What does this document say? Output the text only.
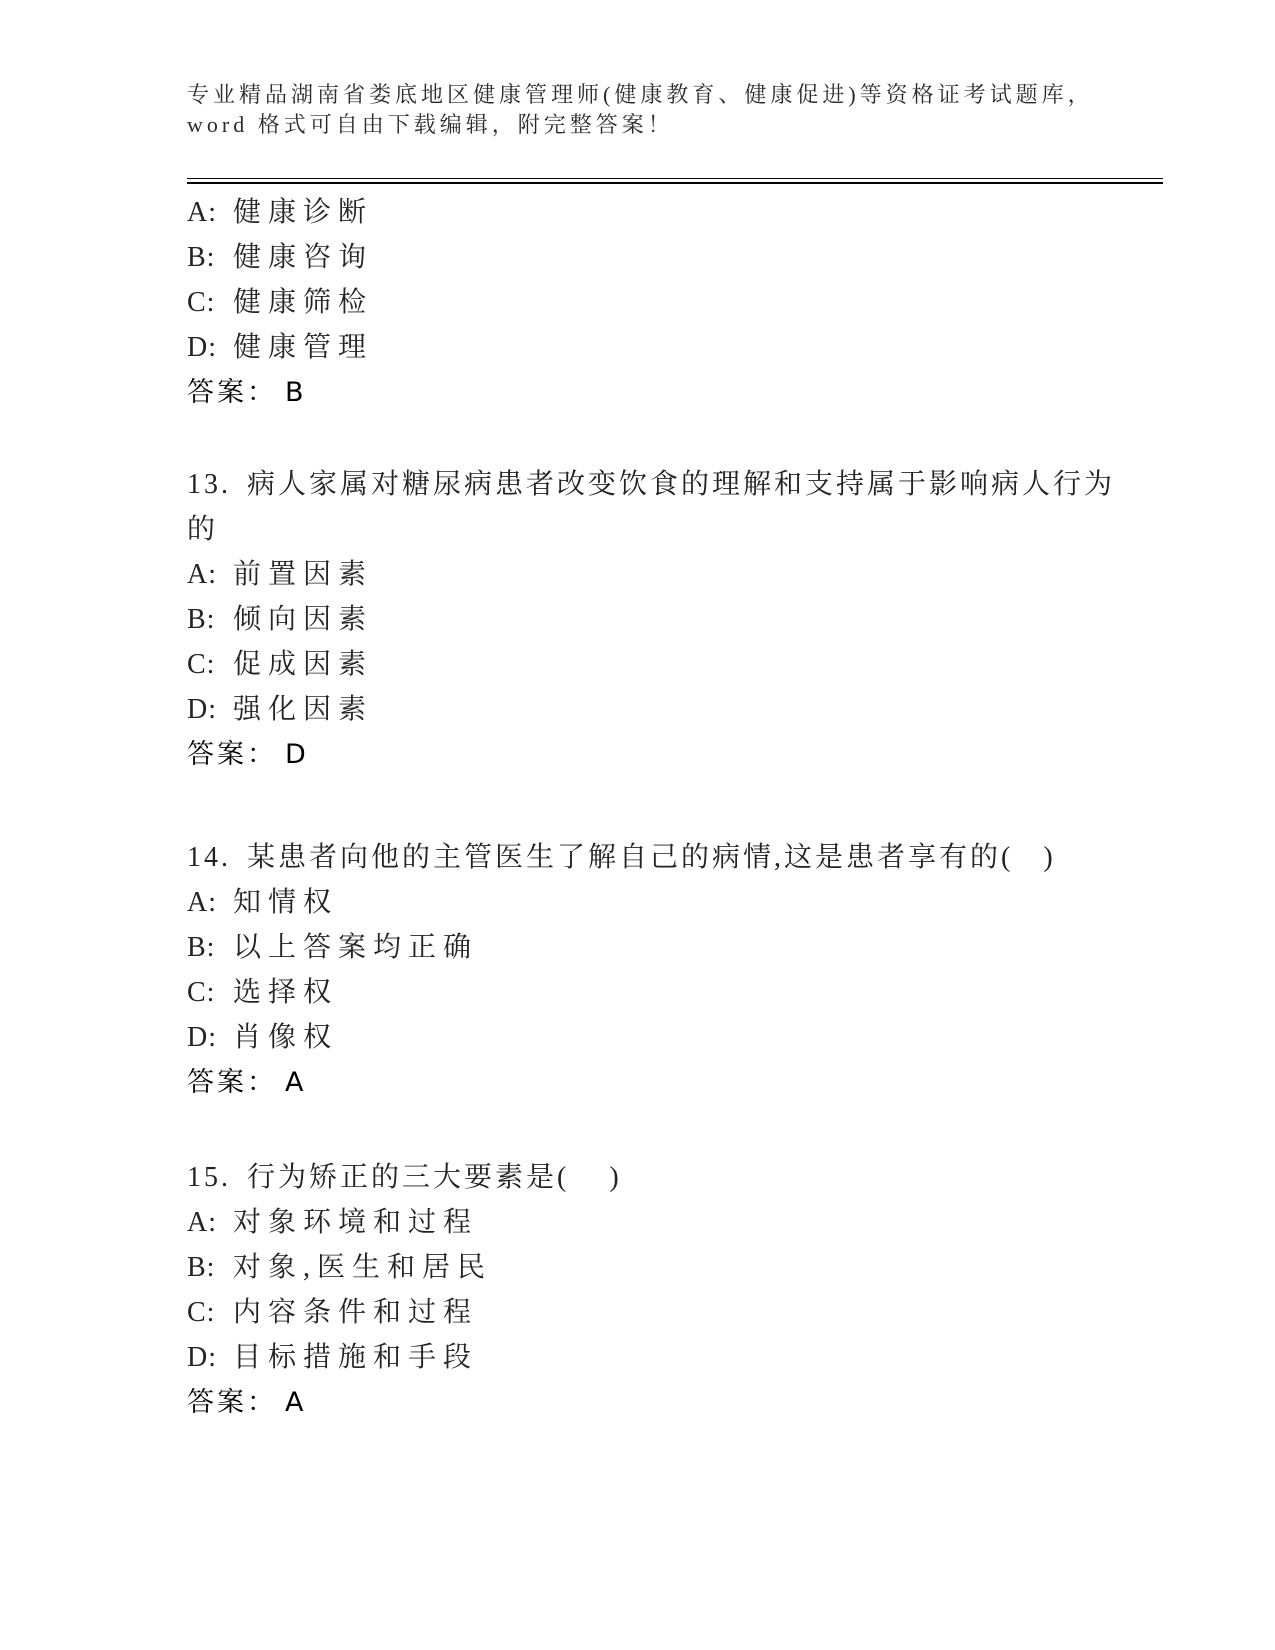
专业精品湖南省娄底地区健康管理师(健康教育、健康促进)等资格证考试题库，
word 格式可自由下载编辑，附完整答案！
A: 健康诊断
B: 健康咨询
C: 健康筛检
D: 健康管理
答案： B
13. 病人家属对糖尿病患者改变饮食的理解和支持属于影响病人行为的
A: 前置因素
B: 倾向因素
C: 促成因素
D: 强化因素
答案： D
14. 某患者向他的主管医生了解自己的病情,这是患者享有的(   )
A: 知情权
B: 以上答案均正确
C: 选择权
D: 肖像权
答案： A
15. 行为矫正的三大要素是(    )
A: 对象环境和过程
B: 对象,医生和居民
C: 内容条件和过程
D: 目标措施和手段
答案： A
